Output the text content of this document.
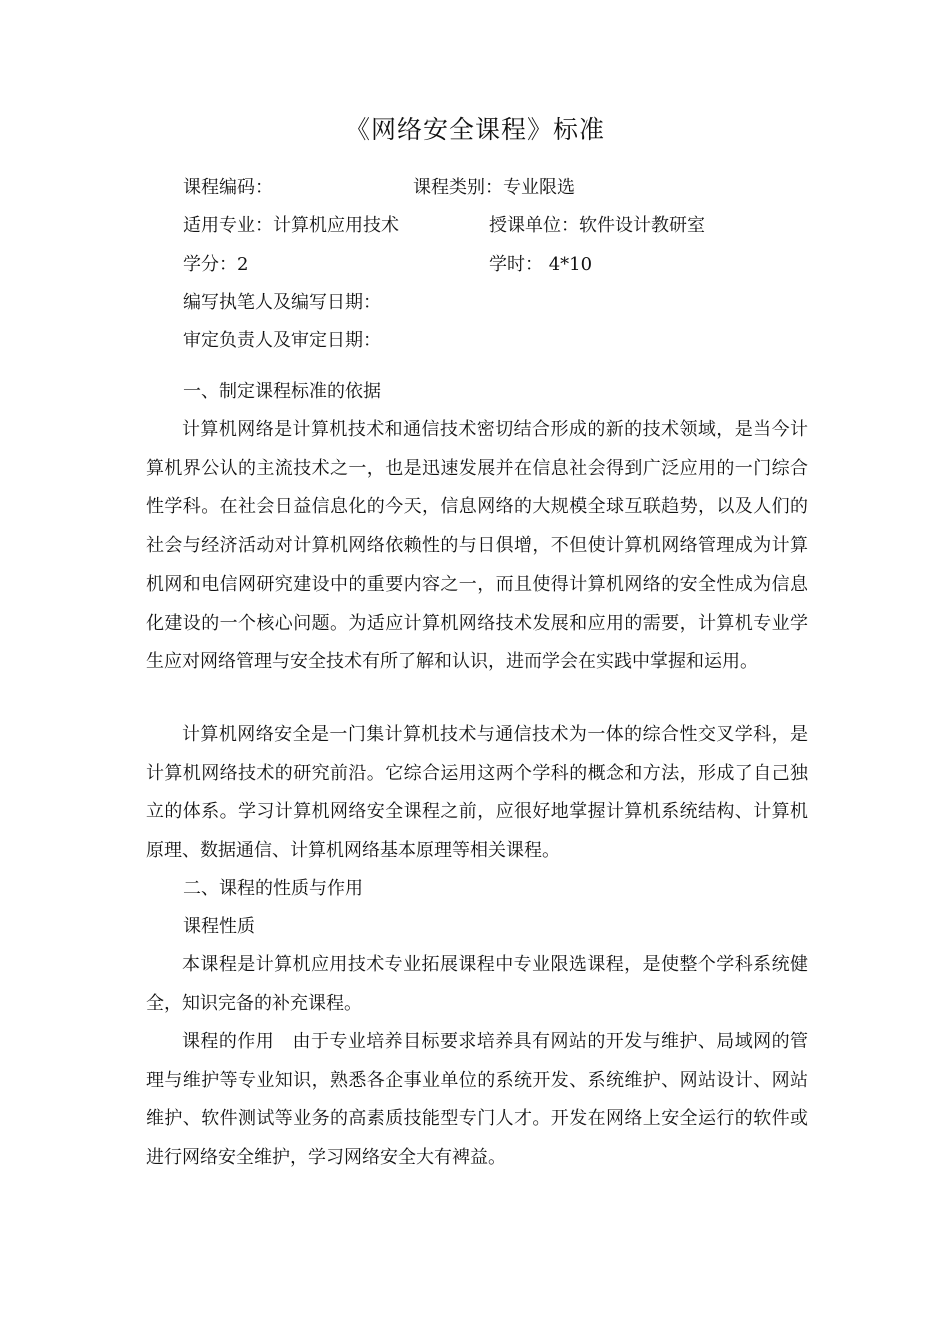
《网络安全课程》标准
课程编码：	课程类别：专业限选
适用专业：计算机应用技术	授课单位：软件设计教研室
学分：2	学时： 4*10
编写执笔人及编写日期：
审定负责人及审定日期：
一、制定课程标准的依据

计算机网络是计算机技术和通信技术密切结合形成的新的技术领域，是当今计算机界公认的主流技术之一，也是迅速发展并在信息社会得到广泛应用的一门综合性学科。在社会日益信息化的今天，信息网络的大规模全球互联趋势，以及人们的社会与经济活动对计算机网络依赖性的与日俱增，不但使计算机网络管理成为计算机网和电信网研究建设中的重要内容之一，而且使得计算机网络的安全性成为信息化建设的一个核心问题。为适应计算机网络技术发展和应用的需要，计算机专业学生应对网络管理与安全技术有所了解和认识，进而学会在实践中掌握和运用。

计算机网络安全是一门集计算机技术与通信技术为一体的综合性交叉学科，是计算机网络技术的研究前沿。它综合运用这两个学科的概念和方法，形成了自己独立的体系。学习计算机网络安全课程之前，应很好地掌握计算机系统结构、计算机原理、数据通信、计算机网络基本原理等相关课程。

二、课程的性质与作用
课程性质

本课程是计算机应用技术专业拓展课程中专业限选课程，是使整个学科系统健全，知识完备的补充课程。

课程的作用　由于专业培养目标要求培养具有网站的开发与维护、局域网的管理与维护等专业知识，熟悉各企事业单位的系统开发、系统维护、网站设计、网站维护、软件测试等业务的高素质技能型专门人才。开发在网络上安全运行的软件或进行网络安全维护，学习网络安全大有裨益。
